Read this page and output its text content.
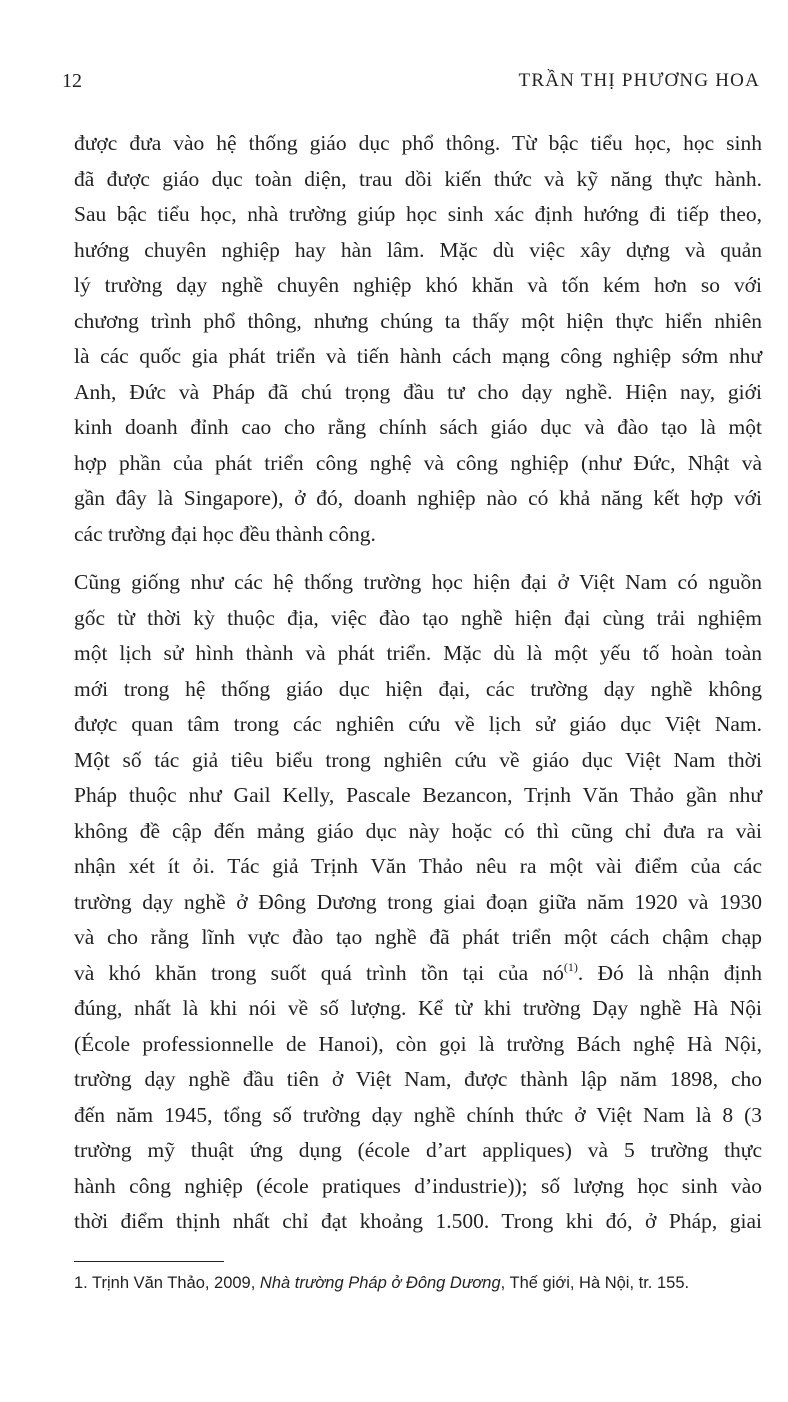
12	TRẦN THỊ PHƯƠNG HOA
được đưa vào hệ thống giáo dục phổ thông. Từ bậc tiểu học, học sinh
đã được giáo dục toàn diện, trau dồi kiến thức và kỹ năng thực hành.
Sau bậc tiểu học, nhà trường giúp học sinh xác định hướng đi tiếp theo,
hướng chuyên nghiệp hay hàn lâm. Mặc dù việc xây dựng và quản
lý trường dạy nghề chuyên nghiệp khó khăn và tốn kém hơn so với
chương trình phổ thông, nhưng chúng ta thấy một hiện thực hiển nhiên
là các quốc gia phát triển và tiến hành cách mạng công nghiệp sớm như
Anh, Đức và Pháp đã chú trọng đầu tư cho dạy nghề. Hiện nay, giới
kinh doanh đỉnh cao cho rằng chính sách giáo dục và đào tạo là một
hợp phần của phát triển công nghệ và công nghiệp (như Đức, Nhật và
gần đây là Singapore), ở đó, doanh nghiệp nào có khả năng kết hợp với
các trường đại học đều thành công.
Cũng giống như các hệ thống trường học hiện đại ở Việt Nam có nguồn
gốc từ thời kỳ thuộc địa, việc đào tạo nghề hiện đại cùng trải nghiệm
một lịch sử hình thành và phát triển. Mặc dù là một yếu tố hoàn toàn
mới trong hệ thống giáo dục hiện đại, các trường dạy nghề không
được quan tâm trong các nghiên cứu về lịch sử giáo dục Việt Nam.
Một số tác giả tiêu biểu trong nghiên cứu về giáo dục Việt Nam thời
Pháp thuộc như Gail Kelly, Pascale Bezancon, Trịnh Văn Thảo gần như
không đề cập đến mảng giáo dục này hoặc có thì cũng chỉ đưa ra vài
nhận xét ít ỏi. Tác giả Trịnh Văn Thảo nêu ra một vài điểm của các
trường dạy nghề ở Đông Dương trong giai đoạn giữa năm 1920 và 1930
và cho rằng lĩnh vực đào tạo nghề đã phát triển một cách chậm chạp
và khó khăn trong suốt quá trình tồn tại của nó$^{(1)}$. Đó là nhận định
đúng, nhất là khi nói về số lượng. Kể từ khi trường Dạy nghề Hà Nội
(École professionnelle de Hanoi), còn gọi là trường Bách nghệ Hà Nội,
trường dạy nghề đầu tiên ở Việt Nam, được thành lập năm 1898, cho
đến năm 1945, tổng số trường dạy nghề chính thức ở Việt Nam là 8 (3
trường mỹ thuật ứng dụng (école d’art appliques) và 5 trường thực
hành công nghiệp (école pratiques d’industrie)); số lượng học sinh vào
thời điểm thịnh nhất chỉ đạt khoảng 1.500. Trong khi đó, ở Pháp, giai
1. Trịnh Văn Thảo, 2009, Nhà trường Pháp ở Đông Dương, Thế giới, Hà Nội, tr. 155.
